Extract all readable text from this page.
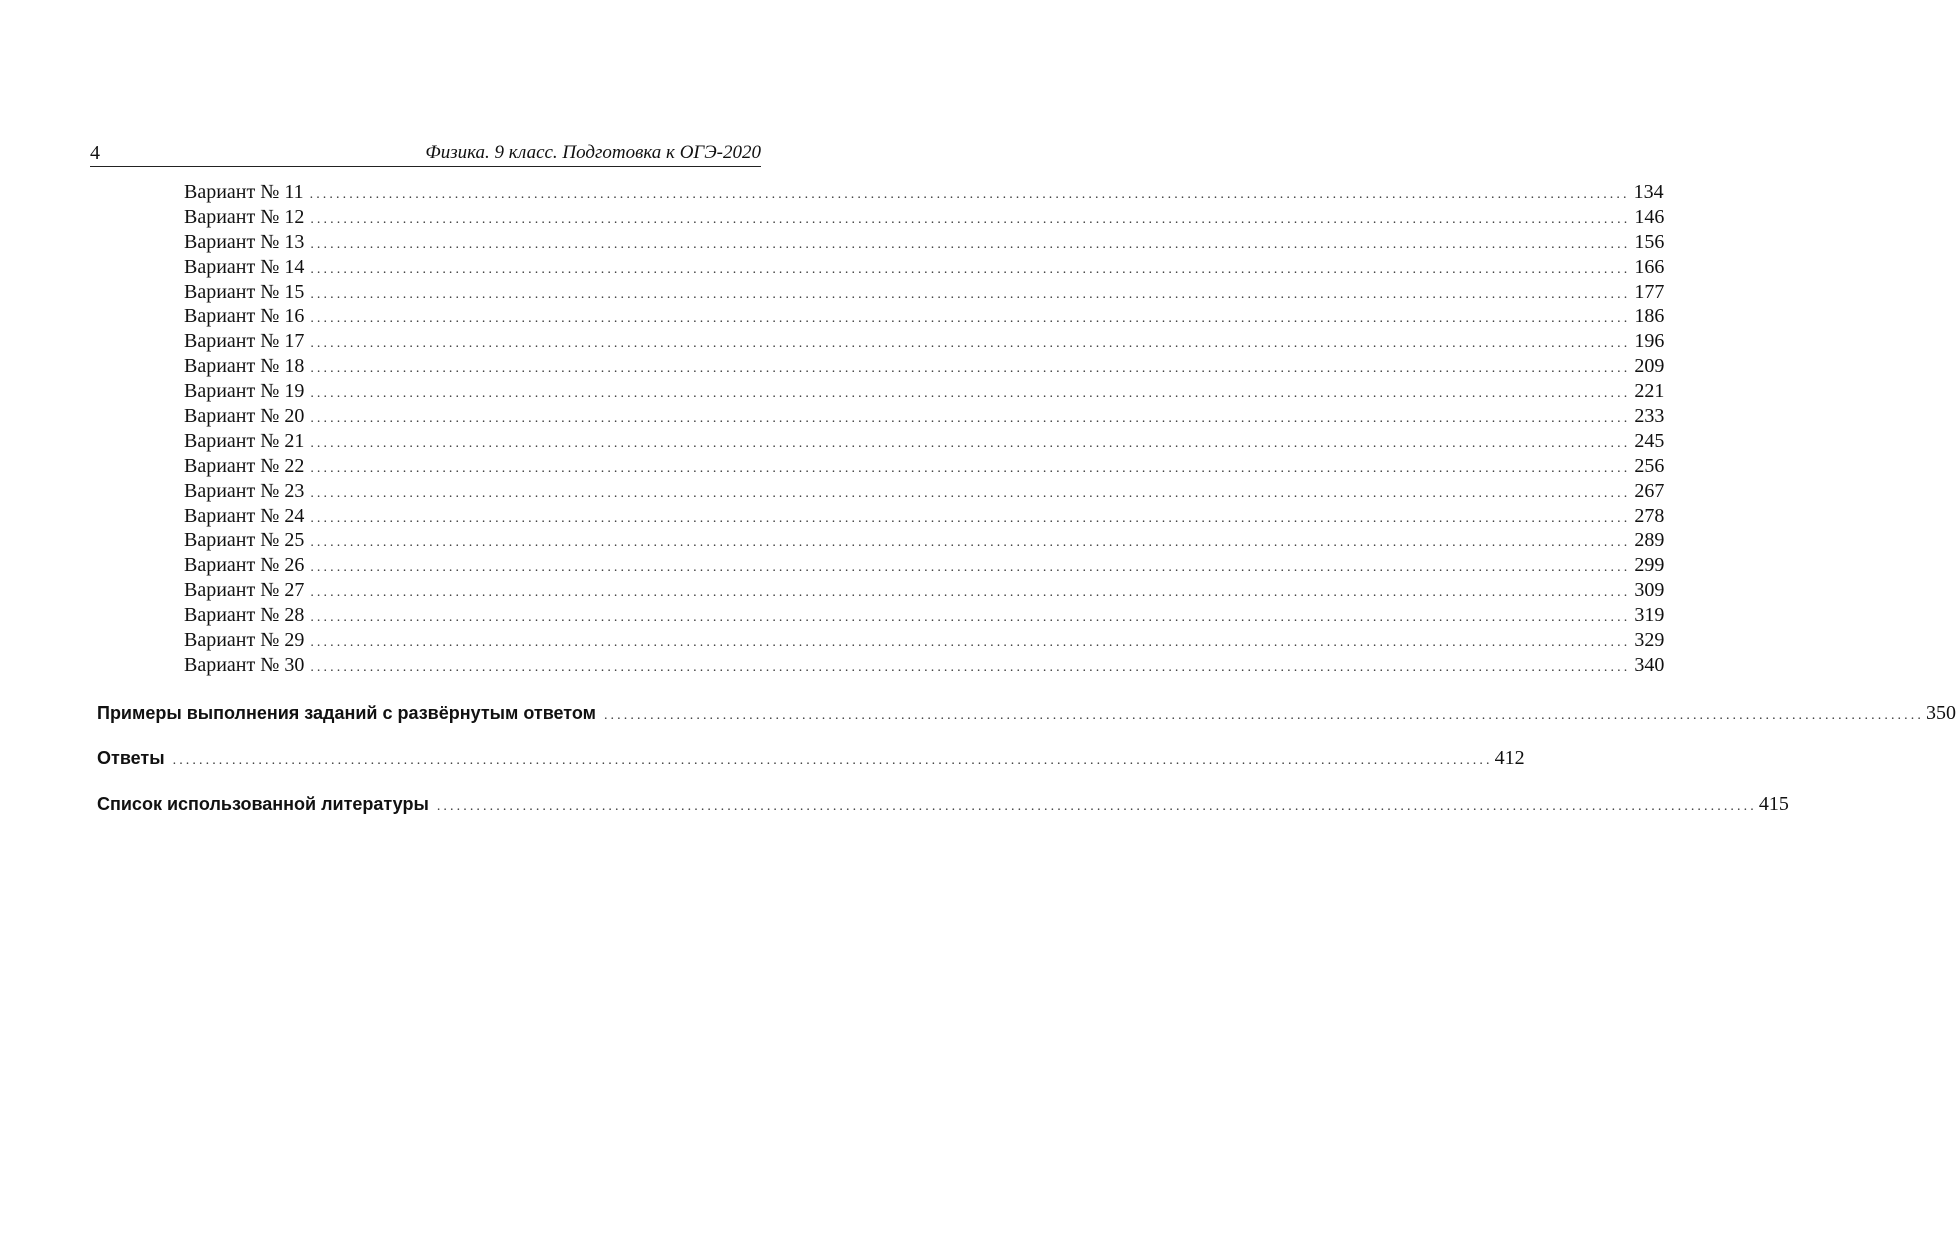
4	Физика. 9 класс. Подготовка к ОГЭ-2020
Вариант № 11 ........................................................................................................................................................................................................ 134
Вариант № 12 ........................................................................................................................................................................................................ 146
Вариант № 13 ........................................................................................................................................................................................................ 156
Вариант № 14 ........................................................................................................................................................................................................ 166
Вариант № 15 ........................................................................................................................................................................................................ 177
Вариант № 16 ........................................................................................................................................................................................................ 186
Вариант № 17 ........................................................................................................................................................................................................ 196
Вариант № 18 ........................................................................................................................................................................................................ 209
Вариант № 19 ........................................................................................................................................................................................................ 221
Вариант № 20 ........................................................................................................................................................................................................ 233
Вариант № 21 ........................................................................................................................................................................................................ 245
Вариант № 22 ........................................................................................................................................................................................................ 256
Вариант № 23 ........................................................................................................................................................................................................ 267
Вариант № 24 ........................................................................................................................................................................................................ 278
Вариант № 25 ........................................................................................................................................................................................................ 289
Вариант № 26 ........................................................................................................................................................................................................ 299
Вариант № 27 ........................................................................................................................................................................................................ 309
Вариант № 28 ........................................................................................................................................................................................................ 319
Вариант № 29 ........................................................................................................................................................................................................ 329
Вариант № 30 ........................................................................................................................................................................................................ 340
Примеры выполнения заданий с развёрнутым ответом ........................................................................................................................................................................................................ 350
Ответы ........................................................................................................................................................................................................ 412
Список использованной литературы ........................................................................................................................................................................................................ 415
